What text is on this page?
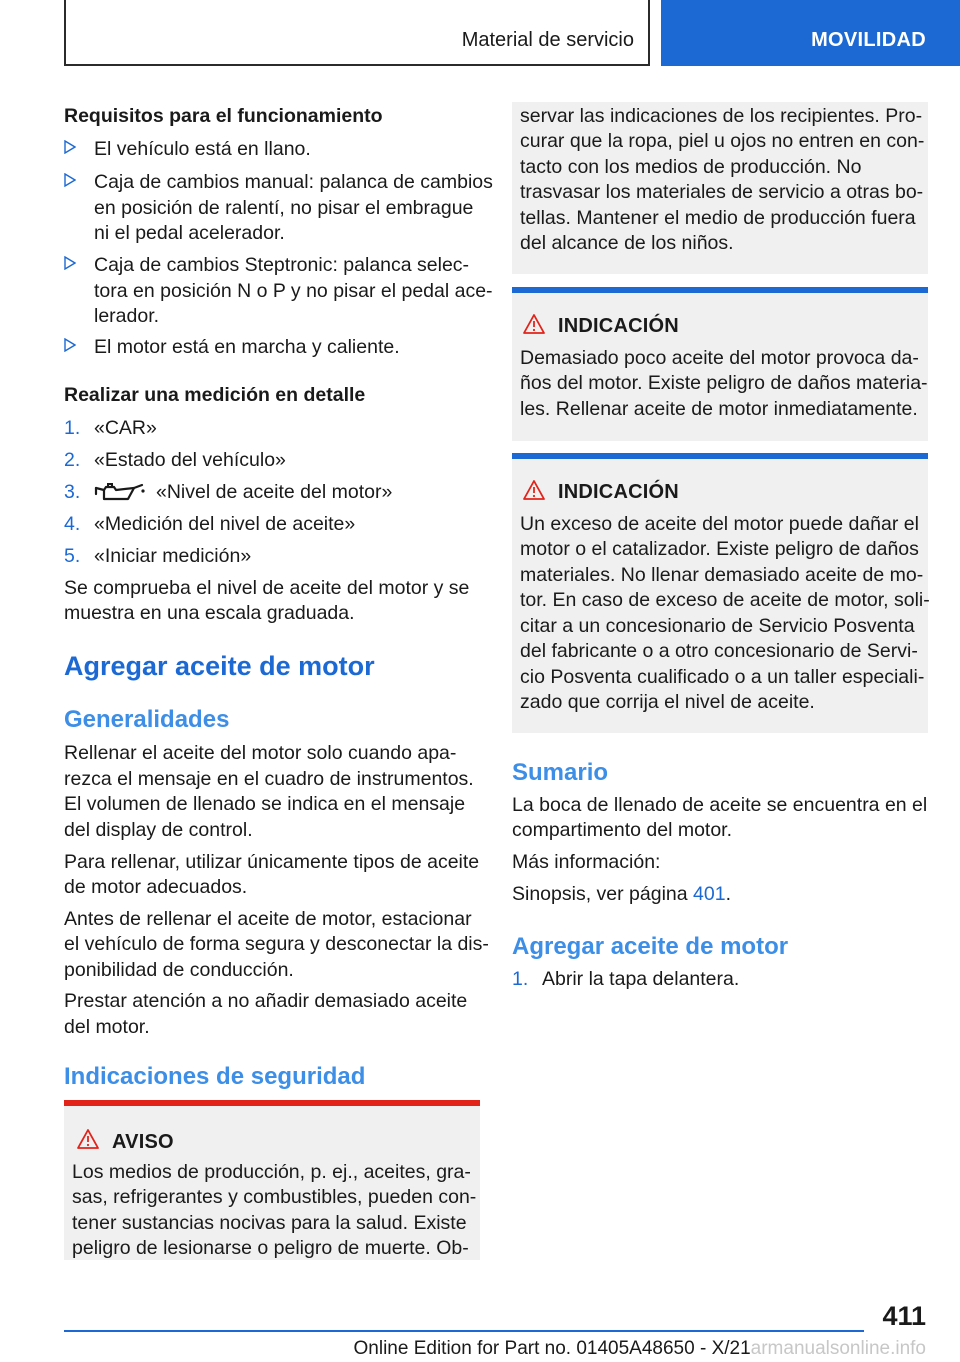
Material de servicio	MOVILIDAD
Requisitos para el funcionamiento
El vehículo está en llano.
Caja de cambios manual: palanca de cambios
en posición de ralentí, no pisar el embrague
ni el pedal acelerador.
Caja de cambios Steptronic: palanca selec‐
tora en posición N o P y no pisar el pedal ace‐
lerador.
El motor está en marcha y caliente.
Realizar una medición en detalle
1. «CAR»
2. «Estado del vehículo»
3.	«Nivel de aceite del motor»
4. «Medición del nivel de aceite»
5. «Iniciar medición»
Se comprueba el nivel de aceite del motor y se
muestra en una escala graduada.
Agregar aceite de motor
Generalidades
Rellenar el aceite del motor solo cuando apa‐
rezca el mensaje en el cuadro de instrumentos.
El volumen de llenado se indica en el mensaje
del display de control.
Para rellenar, utilizar únicamente tipos de aceite
de motor adecuados.
Antes de rellenar el aceite de motor, estacionar
el vehículo de forma segura y desconectar la dis‐
ponibilidad de conducción.
Prestar atención a no añadir demasiado aceite
del motor.
Indicaciones de seguridad
AVISO
Los medios de producción, p. ej., aceites, gra‐
sas, refrigerantes y combustibles, pueden con‐
tener sustancias nocivas para la salud. Existe
peligro de lesionarse o peligro de muerte. Ob‐
servar las indicaciones de los recipientes. Pro‐
curar que la ropa, piel u ojos no entren en con‐
tacto con los medios de producción. No
trasvasar los materiales de servicio a otras bo‐
tellas. Mantener el medio de producción fuera
del alcance de los niños.
INDICACIÓN
Demasiado poco aceite del motor provoca da‐
ños del motor. Existe peligro de daños materia‐
les. Rellenar aceite de motor inmediatamente.
INDICACIÓN
Un exceso de aceite del motor puede dañar el
motor o el catalizador. Existe peligro de daños
materiales. No llenar demasiado aceite de mo‐
tor. En caso de exceso de aceite de motor, soli‐
citar a un concesionario de Servicio Posventa
del fabricante o a otro concesionario de Servi‐
cio Posventa cualificado o a un taller especiali‐
zado que corrija el nivel de aceite.
Sumario
La boca de llenado de aceite se encuentra en el
compartimento del motor.
Más información:
Sinopsis, ver página 401.
Agregar aceite de motor
1. Abrir la tapa delantera.
411
Online Edition for Part no. 01405A48650 - X/21armanualsonline.info
